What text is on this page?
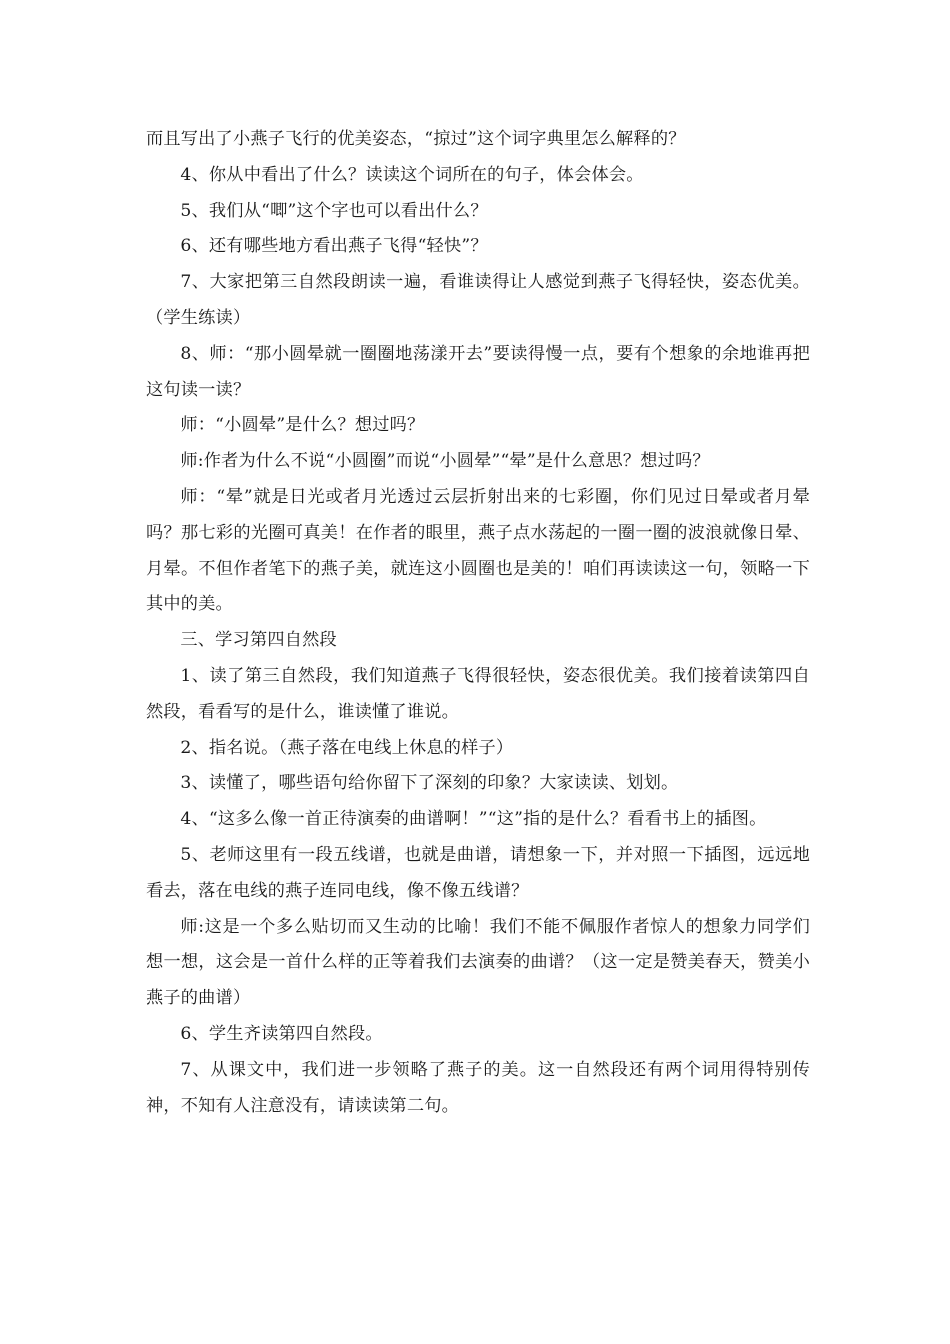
而且写出了小燕子飞行的优美姿态，“掠过”这个词字典里怎么解释的？

4、你从中看出了什么？读读这个词所在的句子，体会体会。

5、我们从“唧”这个字也可以看出什么？

6、还有哪些地方看出燕子飞得“轻快”？

7、大家把第三自然段朗读一遍，看谁读得让人感觉到燕子飞得轻快，姿态优美。（学生练读）

8、师：“那小圆晕就一圈圈地荡漾开去”要读得慢一点，要有个想象的余地谁再把这句读一读？

师：“小圆晕”是什么？想过吗？

师:作者为什么不说“小圆圈”而说“小圆晕”“晕”是什么意思？想过吗？

师：“晕”就是日光或者月光透过云层折射出来的七彩圈，你们见过日晕或者月晕吗？那七彩的光圈可真美！在作者的眼里，燕子点水荡起的一圈一圈的波浪就像日晕、月晕。不但作者笔下的燕子美，就连这小圆圈也是美的！咱们再读读这一句，领略一下其中的美。

三、学习第四自然段

1、读了第三自然段，我们知道燕子飞得很轻快，姿态很优美。我们接着读第四自然段，看看写的是什么，谁读懂了谁说。

2、指名说。（燕子落在电线上休息的样子）

3、读懂了，哪些语句给你留下了深刻的印象？大家读读、划划。

4、“这多么像一首正待演奏的曲谱啊！”“这”指的是什么？看看书上的插图。

5、老师这里有一段五线谱，也就是曲谱，请想象一下，并对照一下插图，远远地看去，落在电线的燕子连同电线，像不像五线谱？

师:这是一个多么贴切而又生动的比喻！我们不能不佩服作者惊人的想象力同学们想一想，这会是一首什么样的正等着我们去演奏的曲谱？（这一定是赞美春天，赞美小燕子的曲谱）

6、学生齐读第四自然段。

7、从课文中，我们进一步领略了燕子的美。这一自然段还有两个词用得特别传神，不知有人注意没有，请读读第二句。
